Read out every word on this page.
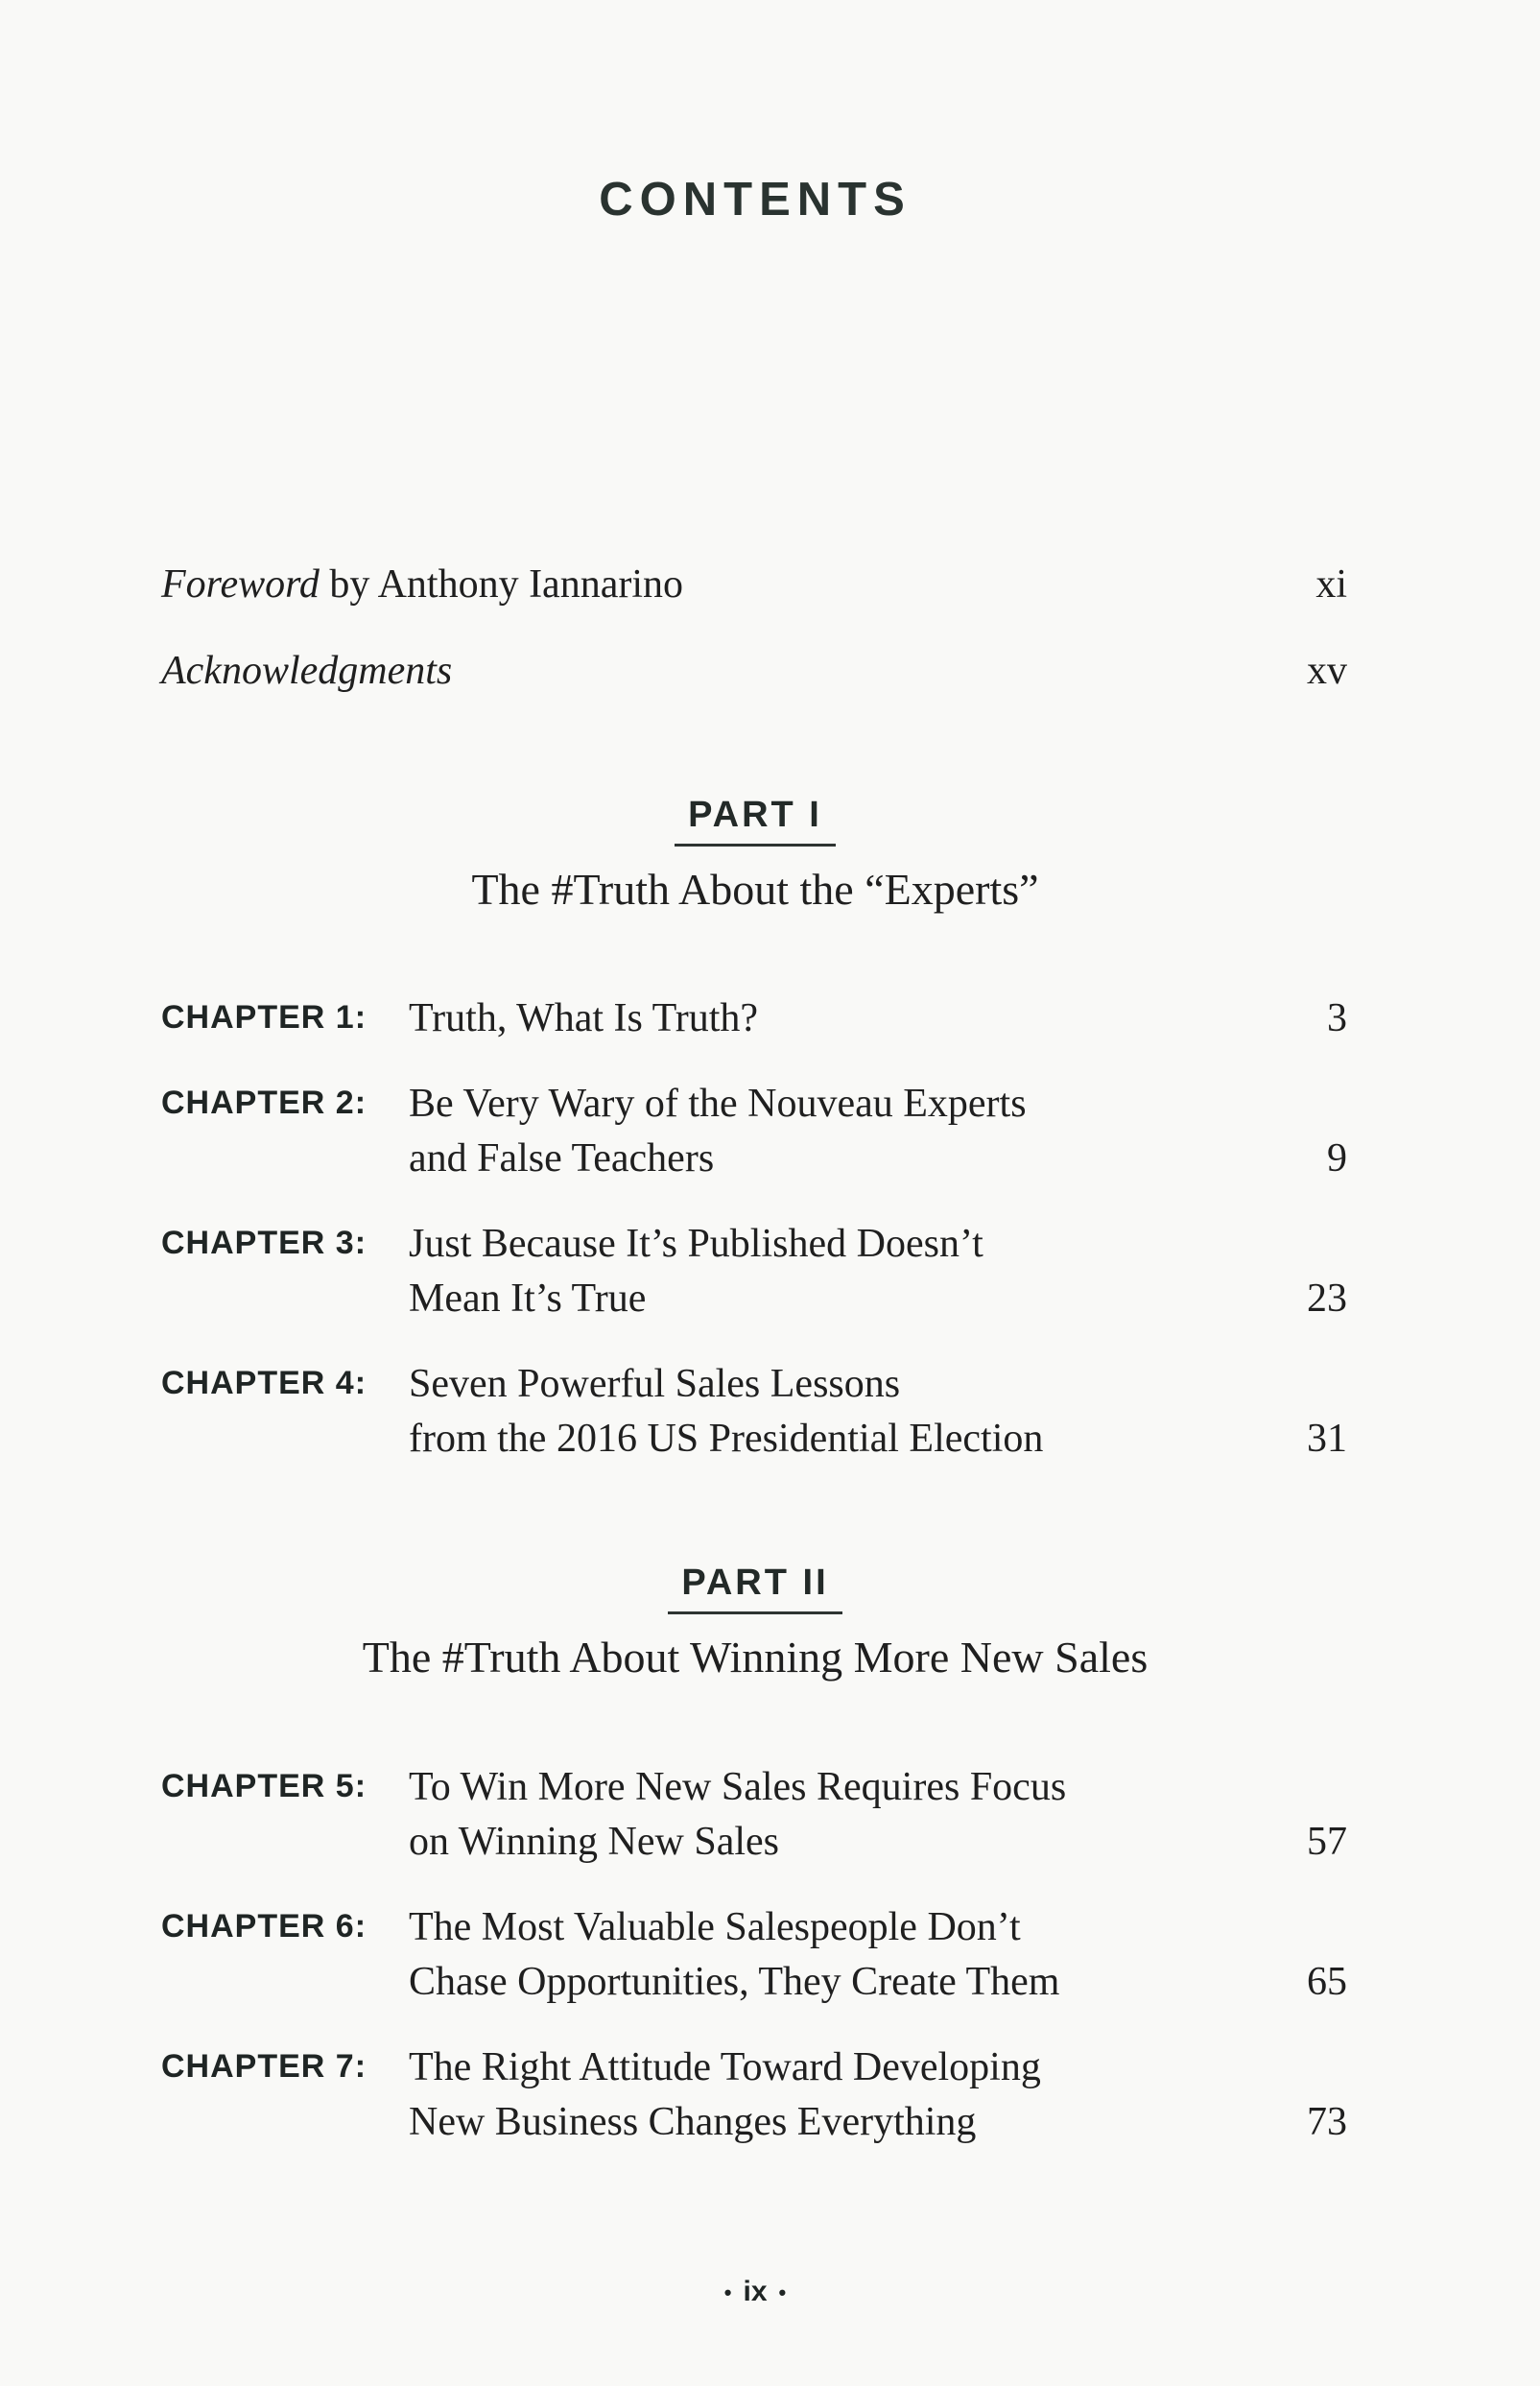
CONTENTS
Foreword by Anthony Iannarino	xi
Acknowledgments	xv
PART I
The #Truth About the “Experts”
CHAPTER 1: Truth, What Is Truth?	3
CHAPTER 2: Be Very Wary of the Nouveau Experts
and False Teachers	9
CHAPTER 3: Just Because It’s Published Doesn’t
Mean It’s True	23
CHAPTER 4: Seven Powerful Sales Lessons
from the 2016 US Presidential Election	31
PART II
The #Truth About Winning More New Sales
CHAPTER 5: To Win More New Sales Requires Focus
on Winning New Sales	57
CHAPTER 6: The Most Valuable Salespeople Don’t
Chase Opportunities, They Create Them	65
CHAPTER 7: The Right Attitude Toward Developing
New Business Changes Everything	73
• ix •
